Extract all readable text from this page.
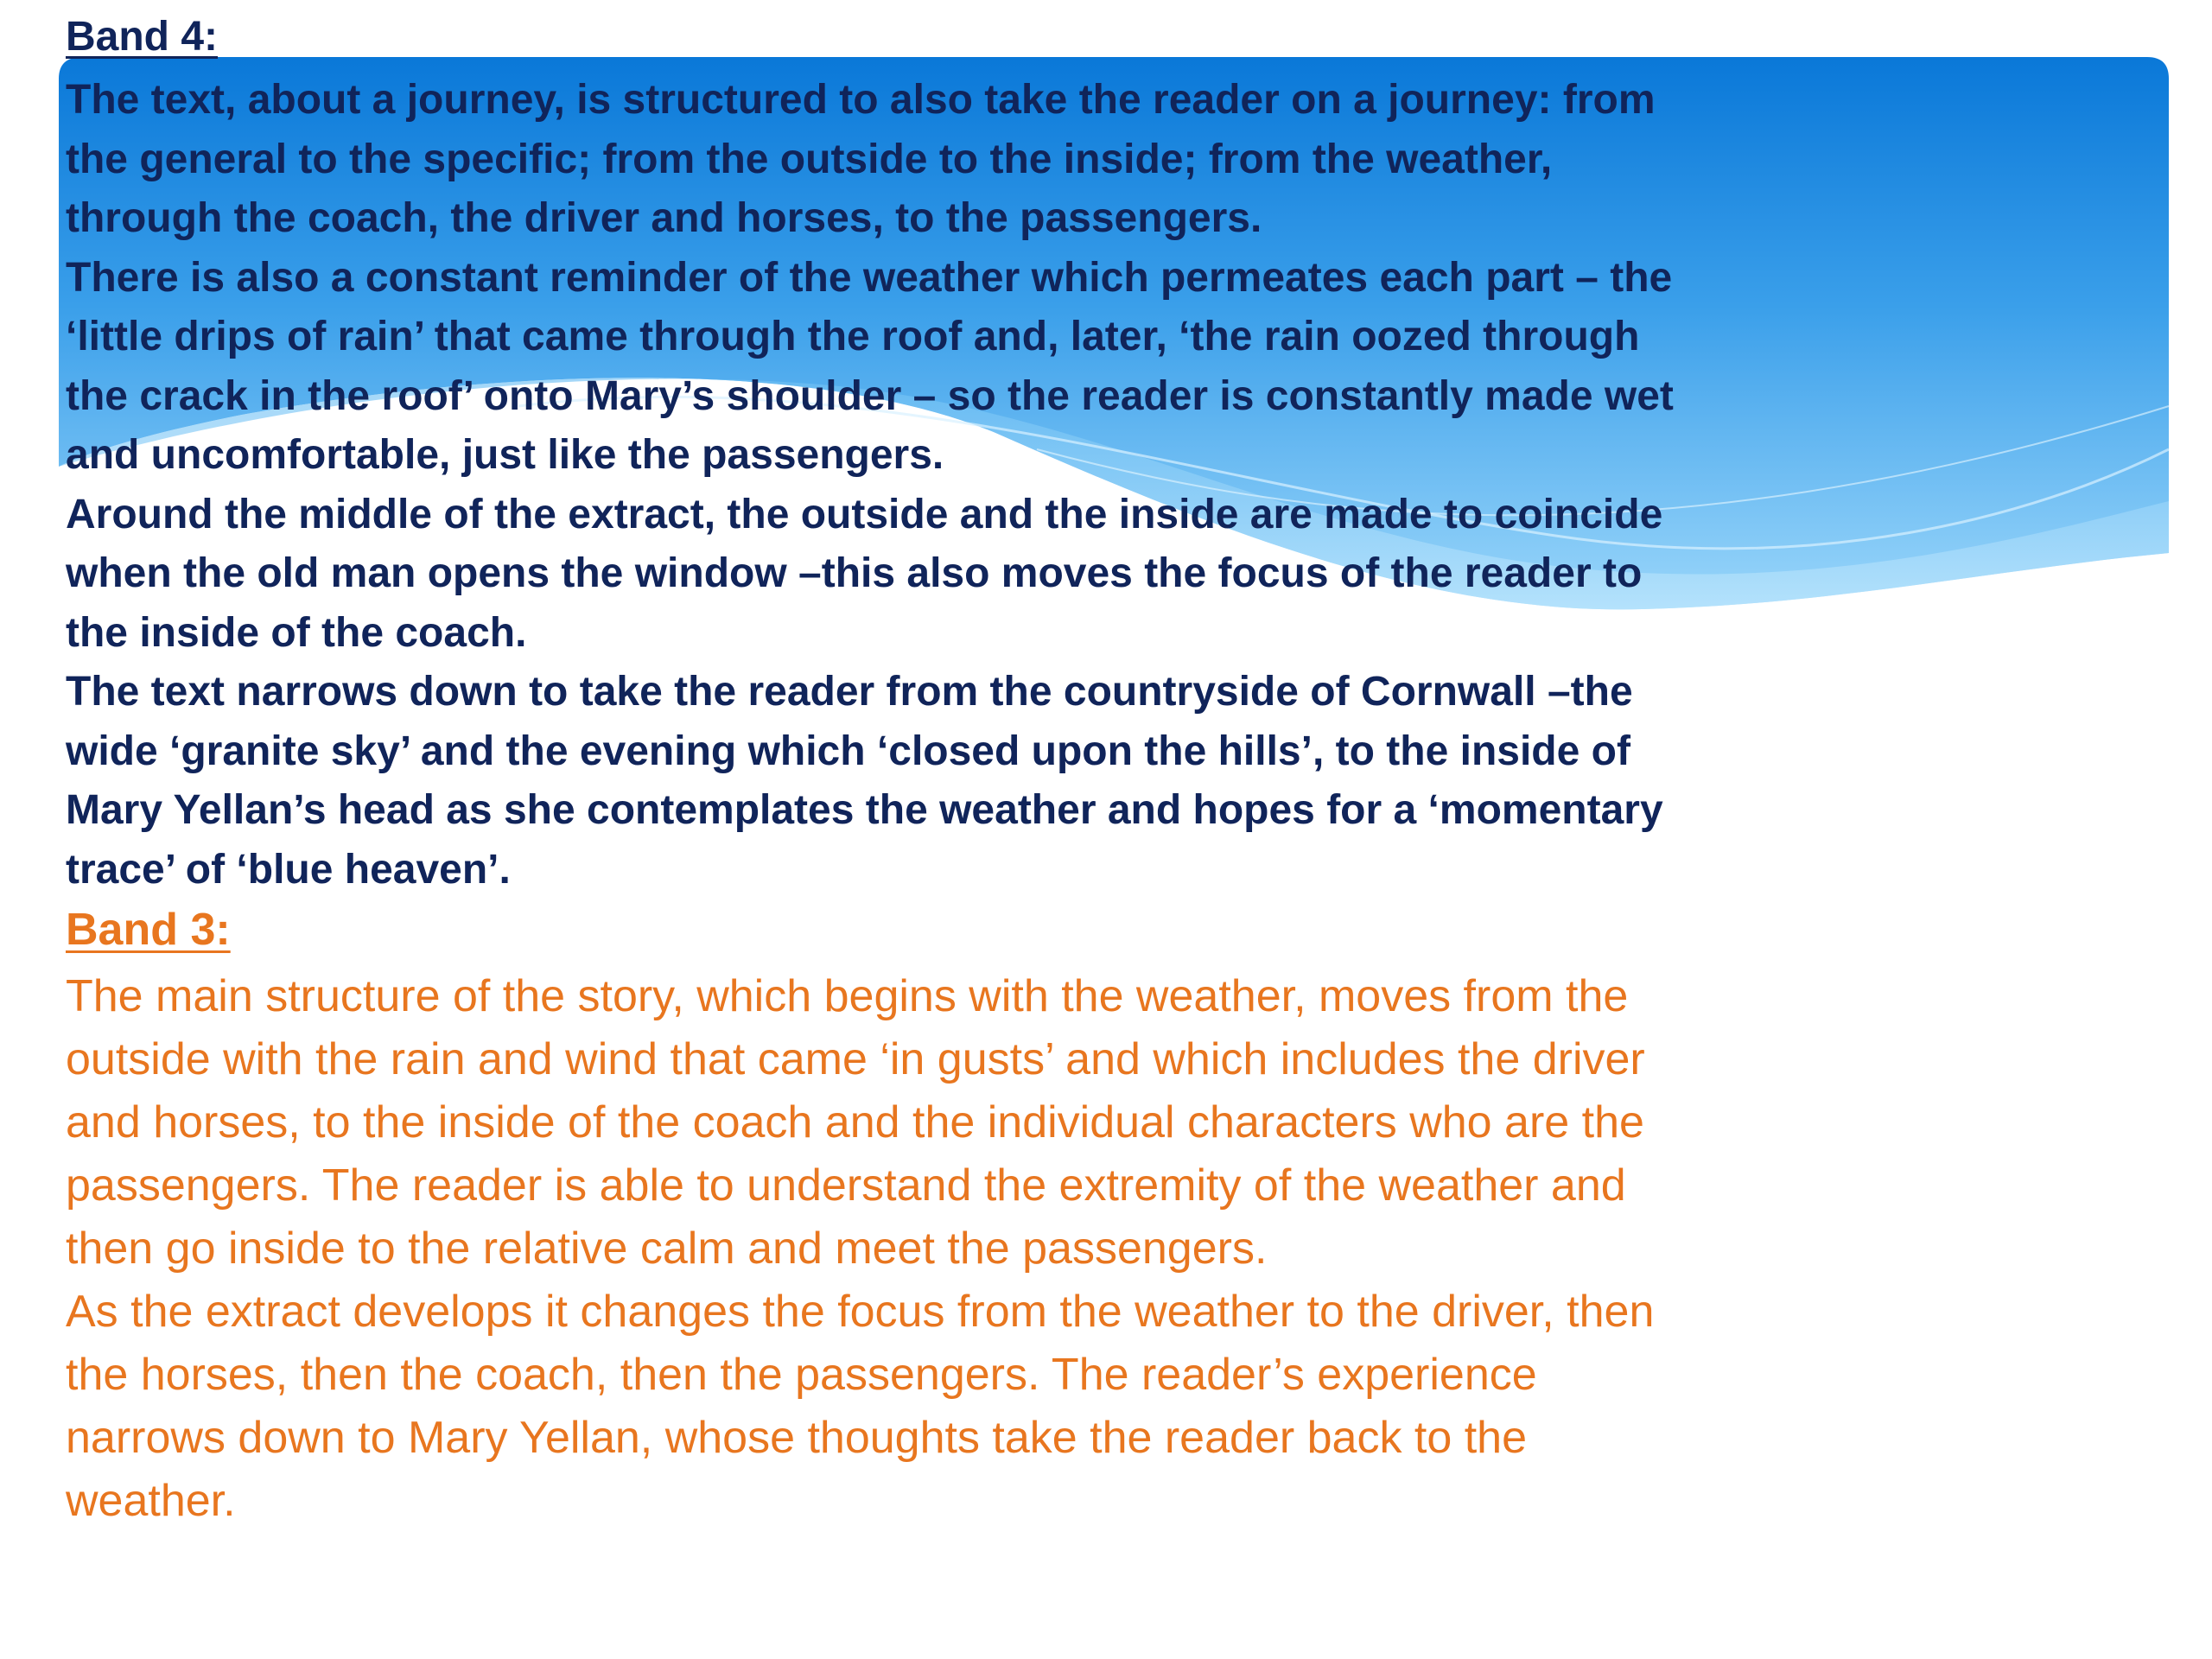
Band 4:

The text, about a journey, is structured to also take the reader on a journey: from the general to the specific; from the outside to the inside; from the weather, through the coach, the driver and horses, to the passengers.

There is also a constant reminder of the weather which permeates each part – the ‘little drips of rain’ that came through the roof and, later, ‘the rain oozed through the crack in the roof’ onto Mary’s shoulder – so the reader is constantly made wet and uncomfortable, just like the passengers.

Around the middle of the extract, the outside and the inside are made to coincide when the old man opens the window –this also moves the focus of the reader to the inside of the coach.

The text narrows down to take the reader from the countryside of Cornwall –the wide ‘granite sky’ and the evening which ‘closed upon the hills’, to the inside of Mary Yellan’s head as she contemplates the weather and hopes for a ‘momentary trace’ of ‘blue heaven’.

Band 3:

The main structure of the story, which begins with the weather, moves from the outside with the rain and wind that came ‘in gusts’ and which includes the driver and horses, to the inside of the coach and the individual characters who are the passengers. The reader is able to understand the extremity of the weather and then go inside to the relative calm and meet the passengers.

As the extract develops it changes the focus from the weather to the driver, then the horses, then the coach, then the passengers. The reader’s experience narrows down to Mary Yellan, whose thoughts take the reader back to the weather.
